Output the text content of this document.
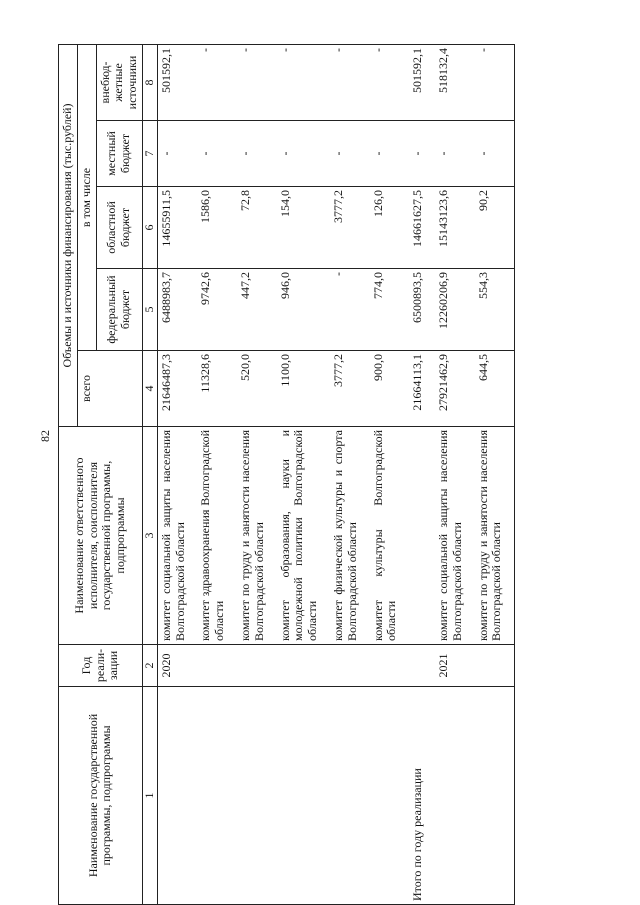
82
Наименование государственной программы, подпрограммы	Год реали-зации	Наименование ответственного исполнителя, соисполнителя государственной программы, подпрограммы	Объемы и источники финансирования (тыс.рублей)				
			всего	в том числе			
				федеральный бюджет	областной бюджет	местный бюджет	внебюд-жетные источники
1	2	3	4	5	6	7	8
	2020	комитет социальной защиты населения Волгоградской области	21646487,3	6488983,7	14655911,5	-	501592,1
		комитет здравоохранения Волгоградской области	11328,6	9742,6	1586,0	-	-
		комитет по труду и занятости населения Волгоградской области	520,0	447,2	72,8	-	-
		комитет образования, науки и молодежной политики Волгоградской области	1100,0	946,0	154,0	-	-
		комитет физической культуры и спорта Волгоградской области	3777,2	-	3777,2	-	-
		комитет культуры Волгоградской области	900,0	774,0	126,0	-	-
Итого по году реализации			21664113,1	6500893,5	14661627,5	-	501592,1
	2021	комитет социальной защиты населения Волгоградской области	27921462,9	12260206,9	15143123,6	-	518132,4
		комитет по труду и занятости населения Волгоградской области	644,5	554,3	90,2	-	-
